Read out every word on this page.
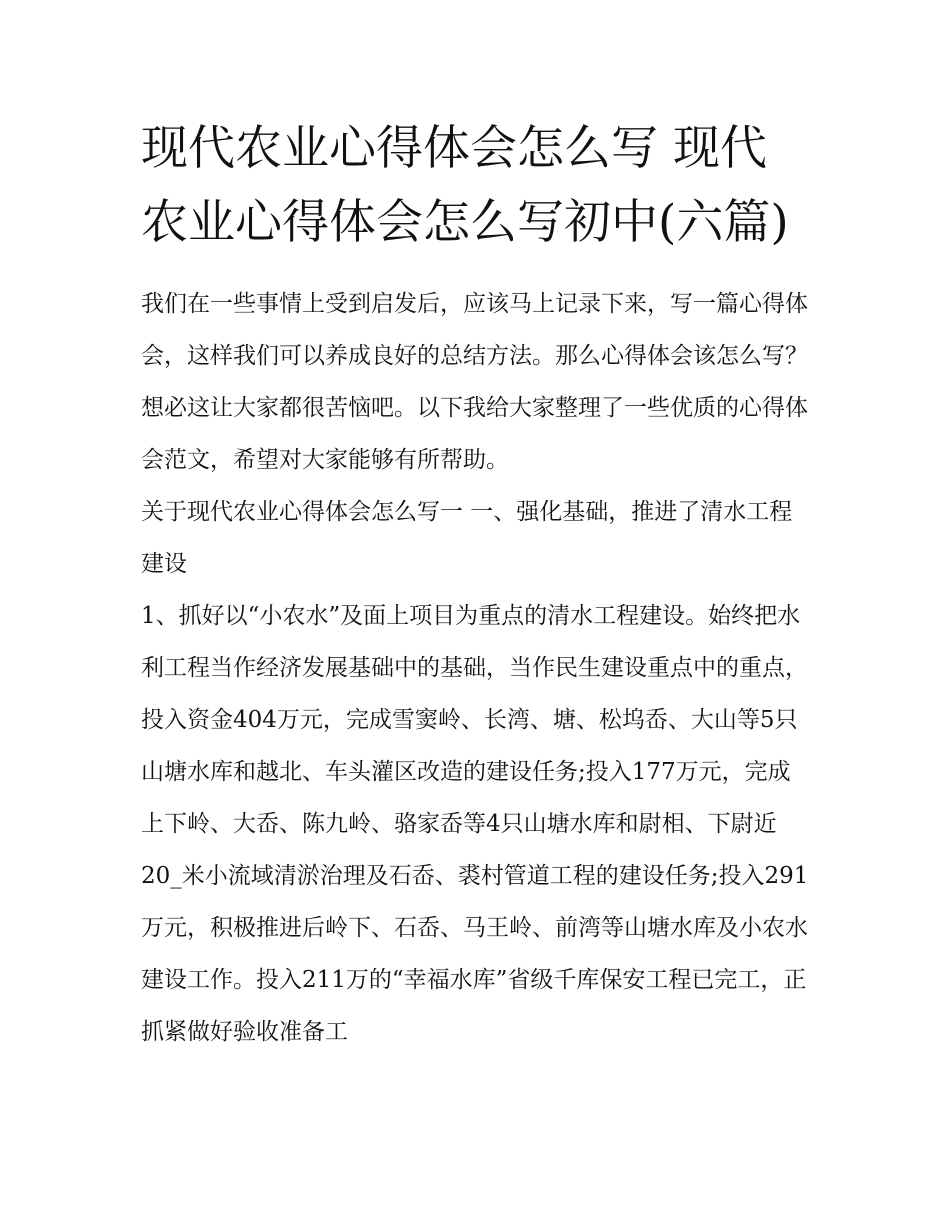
现代农业心得体会怎么写 现代农业心得体会怎么写初中(六篇)

我们在一些事情上受到启发后，应该马上记录下来，写一篇心得体会，这样我们可以养成良好的总结方法。那么心得体会该怎么写？想必这让大家都很苦恼吧。以下我给大家整理了一些优质的心得体会范文，希望对大家能够有所帮助。

关于现代农业心得体会怎么写一 一、强化基础，推进了清水工程建设

1、抓好以“小农水”及面上项目为重点的清水工程建设。始终把水利工程当作经济发展基础中的基础，当作民生建设重点中的重点，投入资金404万元，完成雪窦岭、长湾、塘、松坞岙、大山等5只山塘水库和越北、车头灌区改造的建设任务;投入177万元，完成上下岭、大岙、陈九岭、骆家岙等4只山塘水库和尉相、下尉近20_米小流域清淤治理及石岙、裘村管道工程的建设任务;投入291万元，积极推进后岭下、石岙、马王岭、前湾等山塘水库及小农水建设工作。投入211万的“幸福水库”省级千库保安工程已完工，正抓紧做好验收准备工
